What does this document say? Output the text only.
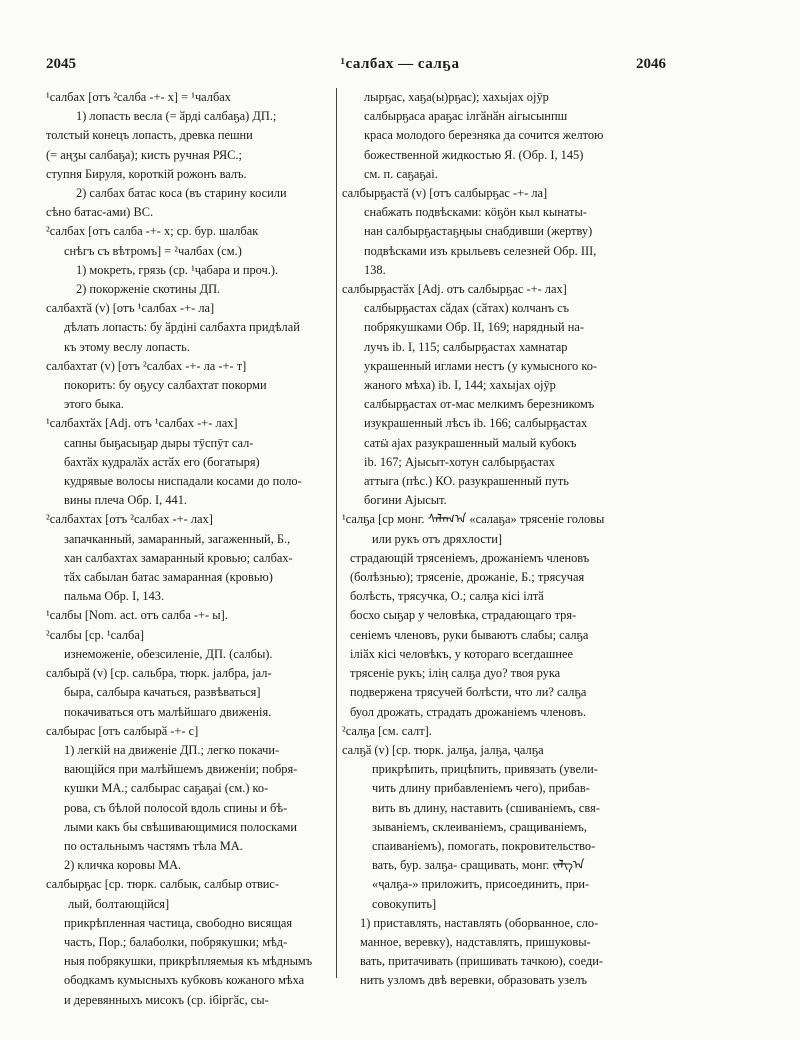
2045	¹салбах — салҕа	2046
¹салбах [отъ ²салба -+- х] = ¹чалбах
1) лопасть весла (= ӑрдi салбаҕа) ДП.;
толстый конецъ лопасть, древка пешни
(= аңӡы салбаҕа); кисть ручная РЯС.;
ступня Бируля, короткiй рожонъ валъ.
2) салбах батас коса (въ старину косили
сѣно батас-ами) ВС.
²салбах [отъ салба -+- х; ср. бур. шалбак
снѣгъ съ вѣтромъ] = ²чалбах (см.)
1) мокреть, грязь (ср. ¹ҷабара и проч.).
2) покорженiе скотины ДП.
салбахтӑ (v) [отъ ¹салбах -+- ла]
дѣлать лопасть: бу ӑрдiнi салбахта придѣлай
къ этому веслу лопасть.
салбахтат (v) [отъ ²салбах -+- ла -+- т]
покорить: бу оҕусу салбахтат покорми
этого быка.
¹салбахтӑх [Adj. отъ ¹салбах -+- лах]
сапны быҕасыҕар дыры тӯспӯт сал-
бахтӑх кудралӑх астӑх его (богатыря)
кудрявые волосы ниспадали косами до поло-
вины плеча Обр. I, 441.
²салбахтах [отъ ²салбах -+- лах]
запачканный, замаранный, загаженный, Б.,
хан салбахтах замаранный кровью; салбах-
тӑх сабылан батас замаранная (кровью)
пальма Обр. I, 143.
¹салбы [Nom. act. отъ салба -+- ы].
²салбы [ср. ¹салба]
изнеможенiе, обезсиленiе, ДП. (салбы).
салбырӑ (v) [ср. сальбра, тюрк. jалбра, jал-
быра, салбыра качаться, развѣваться]
покачиваться отъ малѣйшаго движенiя.
салбырас [отъ салбырӑ -+- с]
1) легкiй на движенiе ДП.; легко покачи-
вающiйся при малѣйшемъ движенiи; побря-
кушки МА.; салбырас саҕаҕаi (см.) ко-
рова, съ бѣлой полосой вдоль спины и бѣ-
лыми какъ бы свѣшивающимися полосками
по остальнымъ частямъ тѣла МА.
2) кличка коровы МА.
салбырҕас [ср. тюрк. салбык, салбыр отвис-
лый, болтающiйся]
прикрѣпленная частица, свободно висящая
часть, Пор.; балаболки, побрякушки; мѣд-
ныя побрякушки, прикрѣпляемыя къ мѣднымъ
ободкамъ кумысныхъ кубковъ кожаного мѣха
и деревянныхъ мисокъ (ср. iбiргӑс, сы-
лырҕас, хаҕа(ы)рҕас); хахыjах оjӯр
салбырҕаса араҕас iлгӑнӑн аiгысынпш
краса молодого березняка да сочится желтою
божественной жидкостью Я. (Обр. I, 145)
см. п. саҕаҕаi.
салбырҕастӑ (v) [отъ салбырҕас -+- ла]
снабжать подвѣсками: кӧҕӧн кыл кынаты-
нан салбырҕастаҕңыы снабдивши (жертву)
подвѣсками изъ крыльевъ селезней Обр. III,
138.
салбырҕастӑх [Adj. отъ салбырҕас -+- лах]
салбырҕастах сӑдах (сӑтах) колчанъ съ
побрякушками Обр. II, 169; нарядный на-
лучъ ib. I, 115; салбырҕастах хамнатар
украшенный иглами нестъ (у кумысного ко-
жаного мѣха) ib. I, 144; хахыjах оjӯр
салбырҕастах от-мас мелкимъ березникомъ
изукрашенный лѣсъ ib. 166; салбырҕастах
сатӹ аjах разукрашенный малый кубокъ
ib. 167; Аjысыт-хотун салбырҕастах
аттыга (пѣс.) КО. разукрашенный путь
богини Аjысыт.
¹салҕа [ср монг. ᠰᠠᠯᠠᠭ᠎ᠠ «салаҕа» трясенiе головы
или рукъ отъ дряхлости]
страдающiй трясенiемъ, дрожанiемъ членовъ
(болѣзнью); трясенiе, дрожанiе, Б.; трясучая
болѣсть, трясучка, О.; салҕа кiсi iлтӑ
босхо сыҕар у человѣка, страдающаго тря-
сенiемъ членовъ, руки бываютъ слабы; салҕа
iлiӑх кiсi человѣкъ, у котораго всегдашнее
трясенiе рукъ; iлiң салҕа дуо? твоя рука
подвержена трясучей болѣсти, что ли? салҕа
буол дрожать, страдать дрожанiемъ членовъ.
²салҕа [см. салт].
салҕӑ (v) [ср. тюрк. jалҕа, jалҕа, ҷалҕа
прикрѣпить, прицѣпить, привязать (увели-
чить длину прибавленiемъ чего), прибав-
вить въ длину, наставить (сшиванiемъ, свя-
зыванiемъ, склеиванiемъ, сращиванiемъ,
спаиванiемъ), помогать, покровительство-
вать, бур. залҕа- сращивать, монг. ᠵᠠᠯᠭ᠎ᠠ
«ҷалҕа-» приложить, присоединить, при-
совокупить]
1) приставлять, наставлять (оборванное, сло-
манное, веревку), надставлять, пришуковы-
вать, притачивать (пришивать тачкою), соеди-
нить узломъ двѣ веревки, образовать узелъ
